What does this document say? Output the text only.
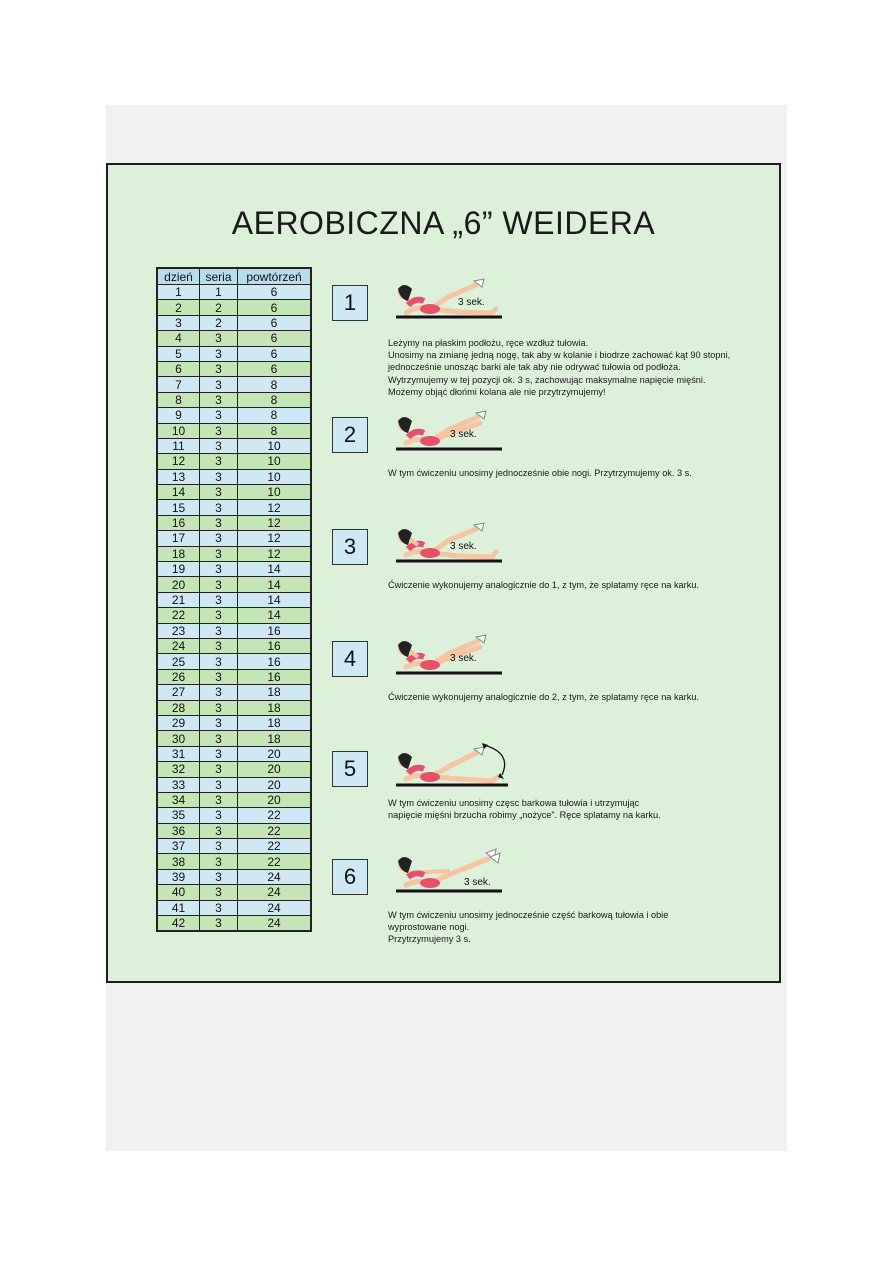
AEROBICZNA „6” WEIDERA
dzień	seria	powtórzeń
1	1	6
2	2	6
3	2	6
4	3	6
5	3	6
6	3	6
7	3	8
8	3	8
9	3	8
10	3	8
11	3	10
12	3	10
13	3	10
14	3	10
15	3	12
16	3	12
17	3	12
18	3	12
19	3	14
20	3	14
21	3	14
22	3	14
23	3	16
24	3	16
25	3	16
26	3	16
27	3	18
28	3	18
29	3	18
30	3	18
31	3	20
32	3	20
33	3	20
34	3	20
35	3	22
36	3	22
37	3	22
38	3	22
39	3	24
40	3	24
41	3	24
42	3	24
1	3 sek.
Leżymy na płaskim podłożu, ręce wzdłuż tułowia.
Unosimy na zmianę jedną nogę, tak aby w kolanie i biodrze zachować kąt 90 stopni,
jednocześnie unosząc barki ale tak aby nie odrywać tułowia od podłoża.
Wytrzymujemy w tej pozycji ok. 3 s, zachowując maksymalne napięcie mięśni.
Możemy objąć dłońmi kolana ale nie przytrzymujemy!
2	3 sek.
W tym ćwiczeniu unosimy jednocześnie obie nogi. Przytrzymujemy ok. 3 s.
3	3 sek.
Ćwiczenie wykonujemy analogicznie do 1, z tym, że splatamy ręce na karku.
4	3 sek.
Ćwiczenie wykonujemy analogicznie do 2, z tym, że splatamy ręce na karku.
5
W tym ćwiczeniu unosimy częsc barkowa tułowia i utrzymując
napięcie mięśni brzucha robimy „nożyce”. Ręce splatamy na karku.
6	3 sek.
W tym ćwiczeniu unosimy jednocześnie część barkową tułowia i obie
wyprostowane nogi.
Przytrzymujemy 3 s.
